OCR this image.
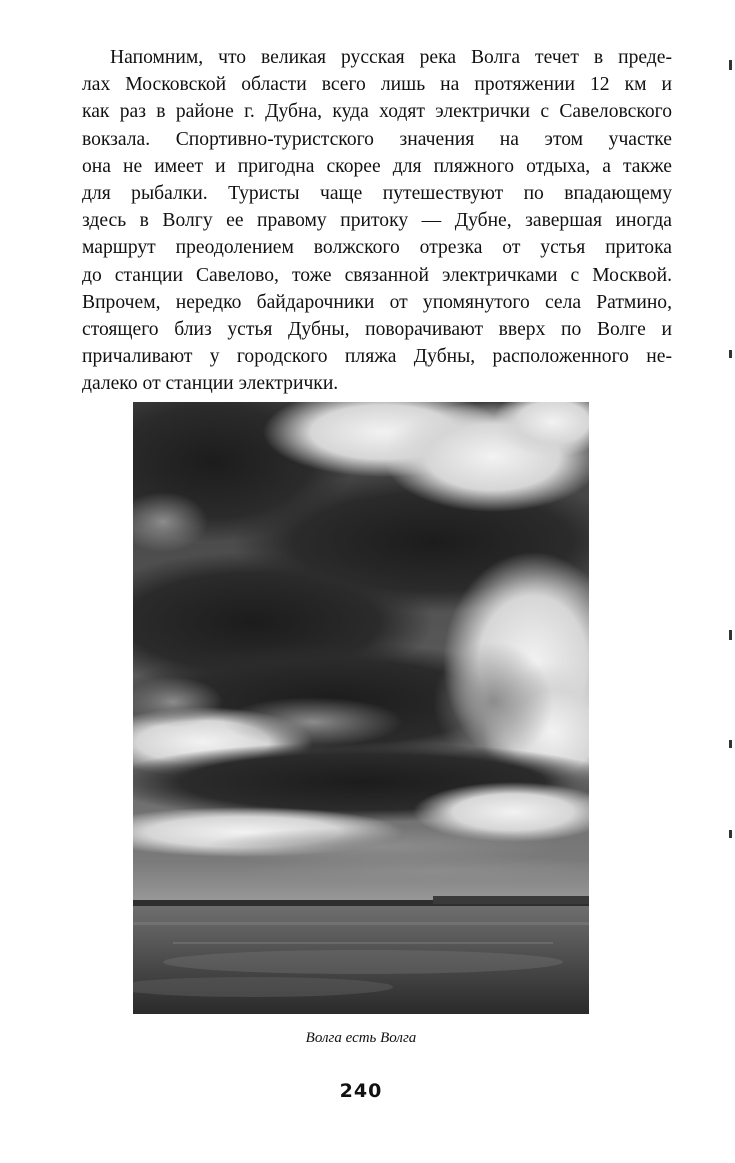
Напомним, что великая русская река Волга течет в преде-
лах Московской области всего лишь на протяжении 12 км и
как раз в районе г. Дубна, куда ходят электрички с Савеловского
вокзала. Спортивно-туристского значения на этом участке
она не имеет и пригодна скорее для пляжного отдыха, а также
для рыбалки. Туристы чаще путешествуют по впадающему
здесь в Волгу ее правому притоку — Дубне, завершая иногда
маршрут преодолением волжского отрезка от устья притока
до станции Савелово, тоже связанной электричками с Москвой.
Впрочем, нередко байдарочники от упомянутого села Ратмино,
стоящего близ устья Дубны, поворачивают вверх по Волге и
причаливают у городского пляжа Дубны, расположенного не-
далеко от станции электрички.
Волга есть Волга
240
